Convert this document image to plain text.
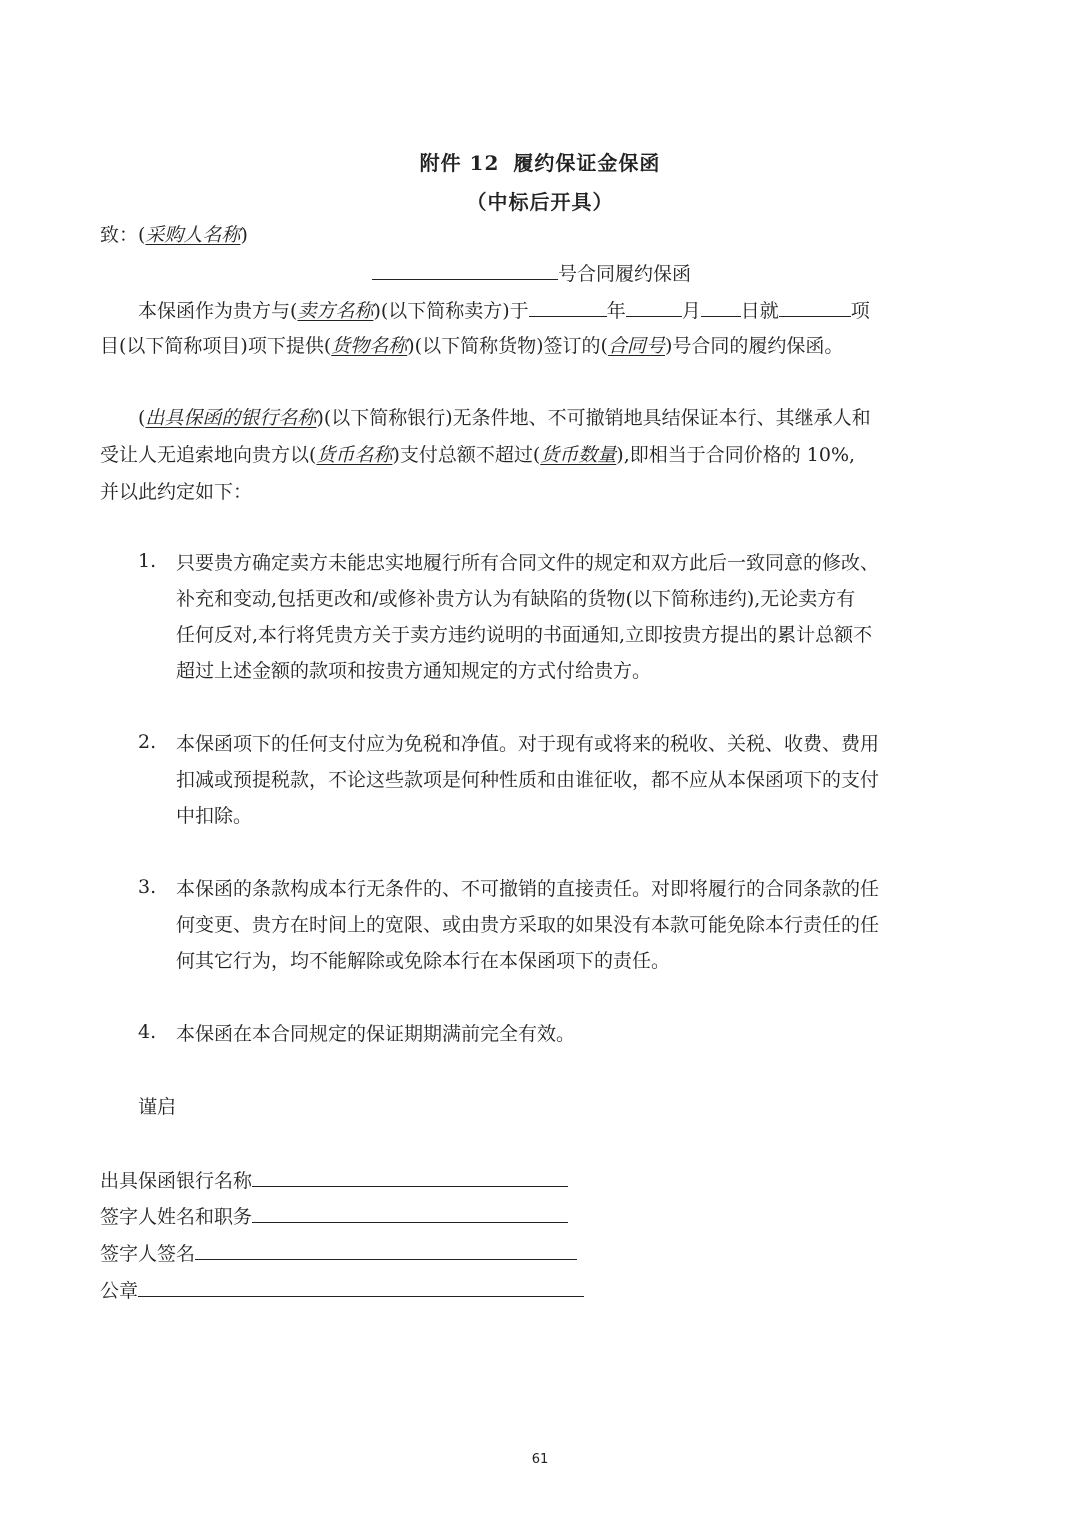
附件 12 履约保证金保函
（中标后开具）
致：(采购人名称)
号合同履约保函
本保函作为贵方与(卖方名称)(以下简称卖方)于	年	月 日就	项
目(以下简称项目)项下提供(货物名称)(以下简称货物)签订的(合同号)号合同的履约保函。
(出具保函的银行名称)(以下简称银行)无条件地、不可撤销地具结保证本行、其继承人和
受让人无追索地向贵方以(货币名称)支付总额不超过(货币数量),即相当于合同价格的 10%,
并以此约定如下：
1. 只要贵方确定卖方未能忠实地履行所有合同文件的规定和双方此后一致同意的修改、
补充和变动,包括更改和/或修补贵方认为有缺陷的货物(以下简称违约),无论卖方有
任何反对,本行将凭贵方关于卖方违约说明的书面通知,立即按贵方提出的累计总额不
超过上述金额的款项和按贵方通知规定的方式付给贵方。
2. 本保函项下的任何支付应为免税和净值。对于现有或将来的税收、关税、收费、费用
扣减或预提税款，不论这些款项是何种性质和由谁征收，都不应从本保函项下的支付
中扣除。
3. 本保函的条款构成本行无条件的、不可撤销的直接责任。对即将履行的合同条款的任
何变更、贵方在时间上的宽限、或由贵方采取的如果没有本款可能免除本行责任的任
何其它行为，均不能解除或免除本行在本保函项下的责任。
4. 本保函在本合同规定的保证期期满前完全有效。
谨启
出具保函银行名称
签字人姓名和职务
签字人签名
公章
61
